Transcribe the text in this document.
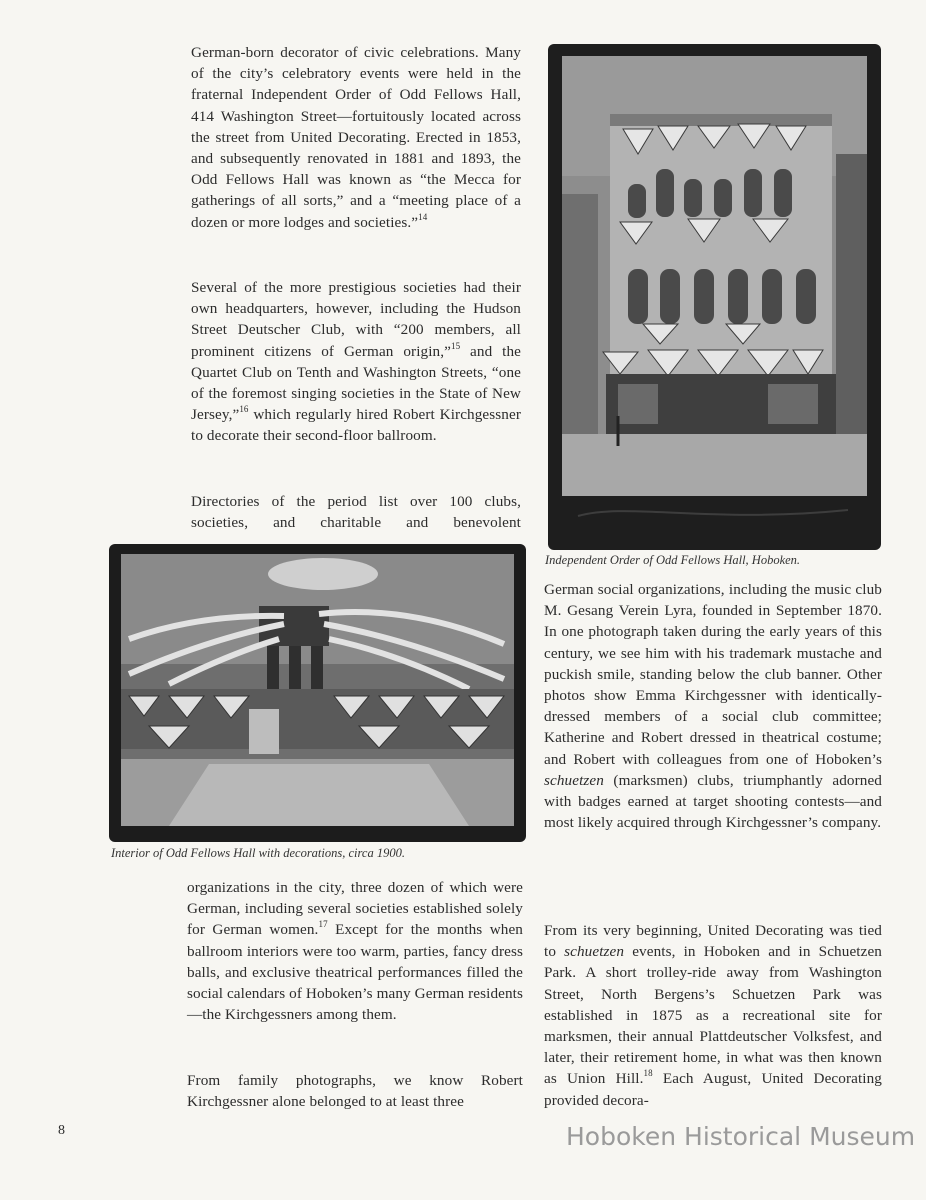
German-born decorator of civic celebrations. Many of the city’s celebratory events were held in the fraternal Independent Order of Odd Fellows Hall, 414 Washington Street—fortuitously located across the street from United Decorating. Erected in 1853, and subsequently renovated in 1881 and 1893, the Odd Fellows Hall was known as “the Mecca for gatherings of all sorts,” and a “meeting place of a dozen or more lodges and societies.”$^{14}$

Several of the more prestigious societies had their own headquarters, however, including the Hudson Street Deutscher Club, with “200 members, all prominent citizens of German origin,”$^{15}$ and the Quartet Club on Tenth and Washington Streets, “one of the foremost singing societies in the State of New Jersey,”$^{16}$ which regularly hired Robert Kirchgessner to decorate their second-floor ballroom.

Directories of the period list over 100 clubs, societies, and charitable and benevolent

Independent Order of Odd Fellows Hall, Hoboken.

German social organizations, including the music club M. Gesang Verein Lyra, founded in September 1870. In one photograph taken during the early years of this century, we see him with his trademark mustache and puckish smile, standing below the club banner. Other photos show Emma Kirchgessner with identically-dressed members of a social club committee; Katherine and Robert dressed in theatrical costume; and Robert with colleagues from one of Hoboken’s schuetzen (marksmen) clubs, triumphantly adorned with badges earned at target shooting contests—and most likely acquired through Kirchgessner’s company.

From its very beginning, United Decorating was tied to schuetzen events, in Hoboken and in Schuetzen Park. A short trolley-ride away from Washington Street, North Bergens’s Schuetzen Park was established in 1875 as a recreational site for marksmen, their annual Plattdeutscher Volksfest, and later, their retirement home, in what was then known as Union Hill.$^{18}$ Each August, United Decorating provided decora-

Interior of Odd Fellows Hall with decorations, circa 1900.

organizations in the city, three dozen of which were German, including several societies established solely for German women.$^{17}$ Except for the months when ballroom interiors were too warm, parties, fancy dress balls, and exclusive theatrical performances filled the social calendars of Hoboken’s many German residents—the Kirchgessners among them.

From family photographs, we know Robert Kirchgessner alone belonged to at least three

8	Hoboken Historical Museum
